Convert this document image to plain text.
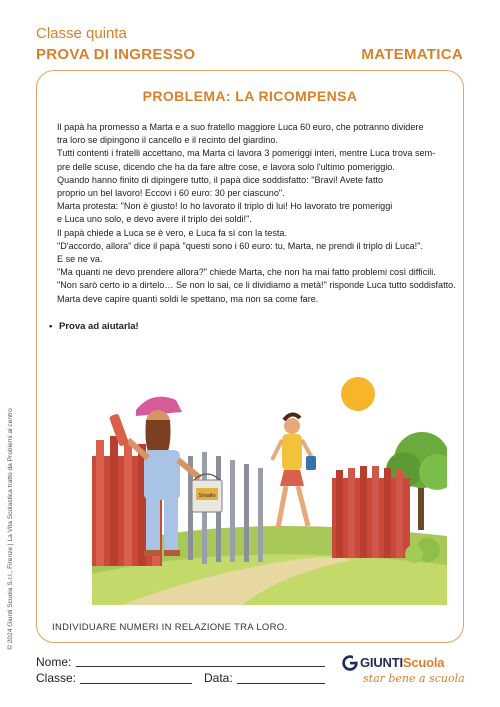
Classe quinta
PROVA DI INGRESSO	MATEMATICA
PROBLEMA: LA RICOMPENSA

Il papà ha promesso a Marta e a suo fratello maggiore Luca 60 euro, che potranno dividere

tra loro se dipingono il cancello e il recinto del giardino.

Tutti contenti i fratelli accettano, ma Marta ci lavora 3 pomeriggi interi, mentre Luca trova sem-

pre delle scuse, dicendo che ha da fare altre cose, e lavora solo l'ultimo pomeriggio.

Quando hanno finito di dipingere tutto, il papà dice soddisfatto: "Bravi! Avete fatto

proprio un bel lavoro! Eccovi i 60 euro: 30 per ciascuno".

Marta protesta: "Non è giusto! Io ho lavorato il triplo di lui! Ho lavorato tre pomeriggi

e Luca uno solo, e devo avere il triplo dei soldi!".

Il papà chiede a Luca se è vero, e Luca fa sì con la testa.

"D'accordo, allora" dice il papà "questi sono i 60 euro: tu, Marta, ne prendi il triplo di Luca!".

E se ne va.

"Ma quanti ne devo prendere allora?" chiede Marta, che non ha mai fatto problemi così difficili.

"Non sarò certo io a dirtelo… Se non lo sai, ce li dividiamo a metà!" risponde Luca tutto soddisfatto.

Marta deve capire quanti soldi le spettano, ma non sa come fare.

• Prova ad aiutarla!
Smalto
INDIVIDUARE NUMERI IN RELAZIONE TRA LORO.
© 2024 Giunti Scuola S.r.l., Firenze | La Vita Scolastica tratto da Problemi al centro
Nome:
Classe:	Data:
GIUNTIScuola
star bene a scuola
